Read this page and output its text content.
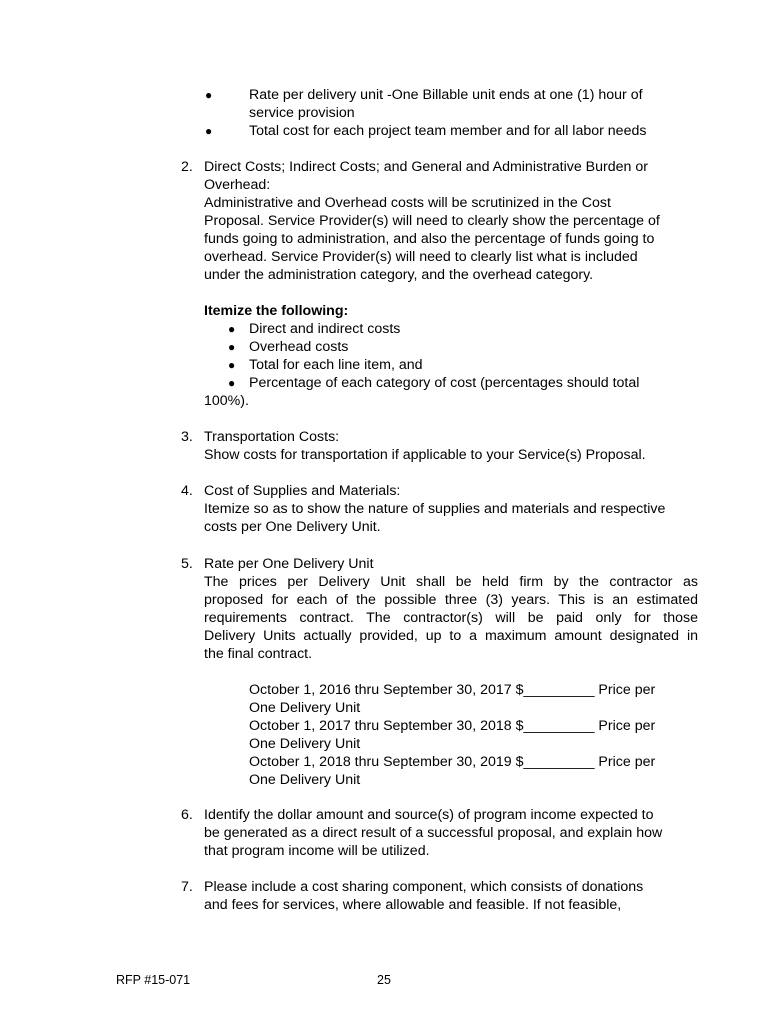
●	Rate per delivery unit -One Billable unit ends at one (1) hour of
service provision
●	Total cost for each project team member and for all labor needs
2. Direct Costs; Indirect Costs; and General and Administrative Burden or
Overhead:
Administrative and Overhead costs will be scrutinized in the Cost
Proposal. Service Provider(s) will need to clearly show the percentage of
funds going to administration, and also the percentage of funds going to
overhead. Service Provider(s) will need to clearly list what is included
under the administration category, and the overhead category.
Itemize the following:
● Direct and indirect costs
● Overhead costs
● Total for each line item, and
● Percentage of each category of cost (percentages should total
100%).
3. Transportation Costs:
Show costs for transportation if applicable to your Service(s) Proposal.
4. Cost of Supplies and Materials:
Itemize so as to show the nature of supplies and materials and respective
costs per One Delivery Unit.
5. Rate per One Delivery Unit
The prices per Delivery Unit shall be held firm by the contractor as
proposed for each of the possible three (3) years. This is an estimated
requirements contract. The contractor(s) will be paid only for those
Delivery Units actually provided, up to a maximum amount designated in
the final contract.
October 1, 2016 thru September 30, 2017 $_________ Price per
One Delivery Unit
October 1, 2017 thru September 30, 2018 $_________ Price per
One Delivery Unit
October 1, 2018 thru September 30, 2019 $_________ Price per
One Delivery Unit
6. Identify the dollar amount and source(s) of program income expected to
be generated as a direct result of a successful proposal, and explain how
that program income will be utilized.
7. Please include a cost sharing component, which consists of donations
and fees for services, where allowable and feasible. If not feasible,
RFP #15-071	25
